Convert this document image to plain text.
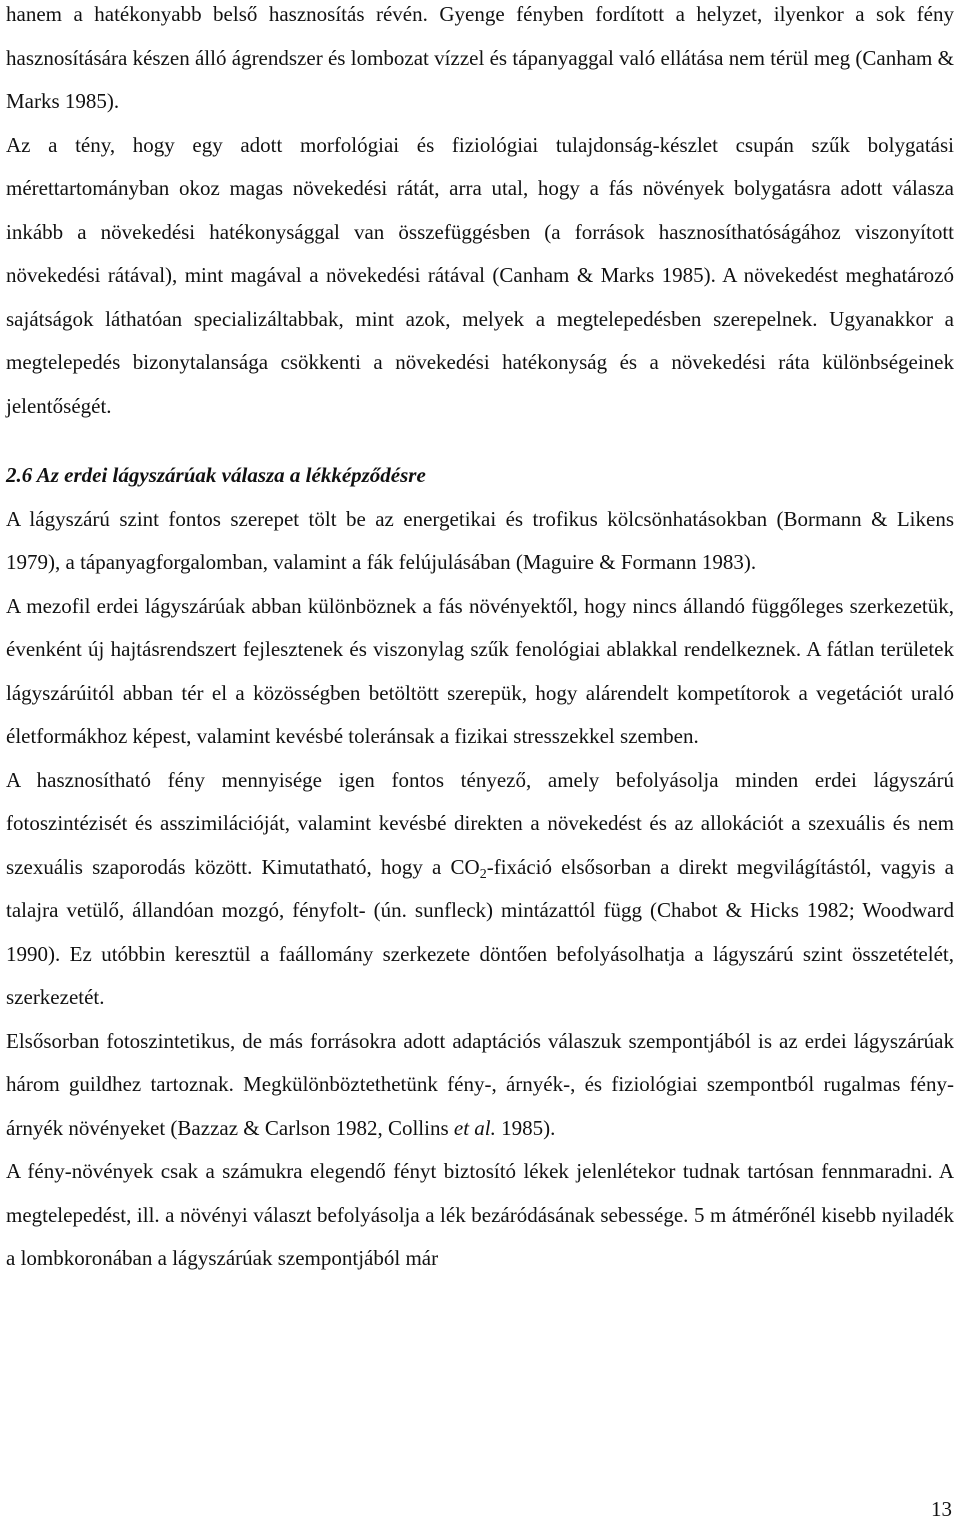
hanem a hatékonyabb belső hasznosítás révén. Gyenge fényben fordított a helyzet, ilyenkor a sok fény hasznosítására készen álló ágrendszer és lombozat vízzel és tápanyaggal való ellátása nem térül meg (Canham & Marks 1985).

Az a tény, hogy egy adott morfológiai és fiziológiai tulajdonság-készlet csupán szűk bolygatási mérettartományban okoz magas növekedési rátát, arra utal, hogy a fás növények bolygatásra adott válasza inkább a növekedési hatékonysággal van összefüggésben (a források hasznosíthatóságához viszonyított növekedési rátával), mint magával a növekedési rátával (Canham & Marks 1985). A növekedést meghatározó sajátságok láthatóan specializáltabbak, mint azok, melyek a megtelepedésben szerepelnek. Ugyanakkor a megtelepedés bizonytalansága csökkenti a növekedési hatékonyság és a növekedési ráta különbségeinek jelentőségét.

2.6 Az erdei lágyszárúak válasza a lékképződésre

A lágyszárú szint fontos szerepet tölt be az energetikai és trofikus kölcsönhatásokban (Bormann & Likens 1979), a tápanyagforgalomban, valamint a fák felújulásában (Maguire & Formann 1983).

A mezofil erdei lágyszárúak abban különböznek a fás növényektől, hogy nincs állandó függőleges szerkezetük, évenként új hajtásrendszert fejlesztenek és viszonylag szűk fenológiai ablakkal rendelkeznek. A fátlan területek lágyszárúitól abban tér el a közösségben betöltött szerepük, hogy alárendelt kompetítorok a vegetációt uraló életformákhoz képest, valamint kevésbé toleránsak a fizikai stresszekkel szemben.

A hasznosítható fény mennyisége igen fontos tényező, amely befolyásolja minden erdei lágyszárú fotoszintézisét és asszimilációját, valamint kevésbé direkten a növekedést és az allokációt a szexuális és nem szexuális szaporodás között. Kimutatható, hogy a $CO_2$-fixáció elsősorban a direkt megvilágítástól, vagyis a talajra vetülő, állandóan mozgó, fényfolt- (ún. sunfleck) mintázattól függ (Chabot & Hicks 1982; Woodward 1990). Ez utóbbin keresztül a faállomány szerkezete döntően befolyásolhatja a lágyszárú szint összetételét, szerkezetét.

Elsősorban fotoszintetikus, de más forrásokra adott adaptációs válaszuk szempontjából is az erdei lágyszárúak három guildhez tartoznak. Megkülönböztethetünk fény-, árnyék-, és fiziológiai szempontból rugalmas fény-árnyék növényeket (Bazzaz & Carlson 1982, Collins et al. 1985).

A fény-növények csak a számukra elegendő fényt biztosító lékek jelenlétekor tudnak tartósan fennmaradni. A megtelepedést, ill. a növényi választ befolyásolja a lék bezáródásának sebessége. 5 m átmérőnél kisebb nyiladék a lombkoronában a lágyszárúak szempontjából már

13
